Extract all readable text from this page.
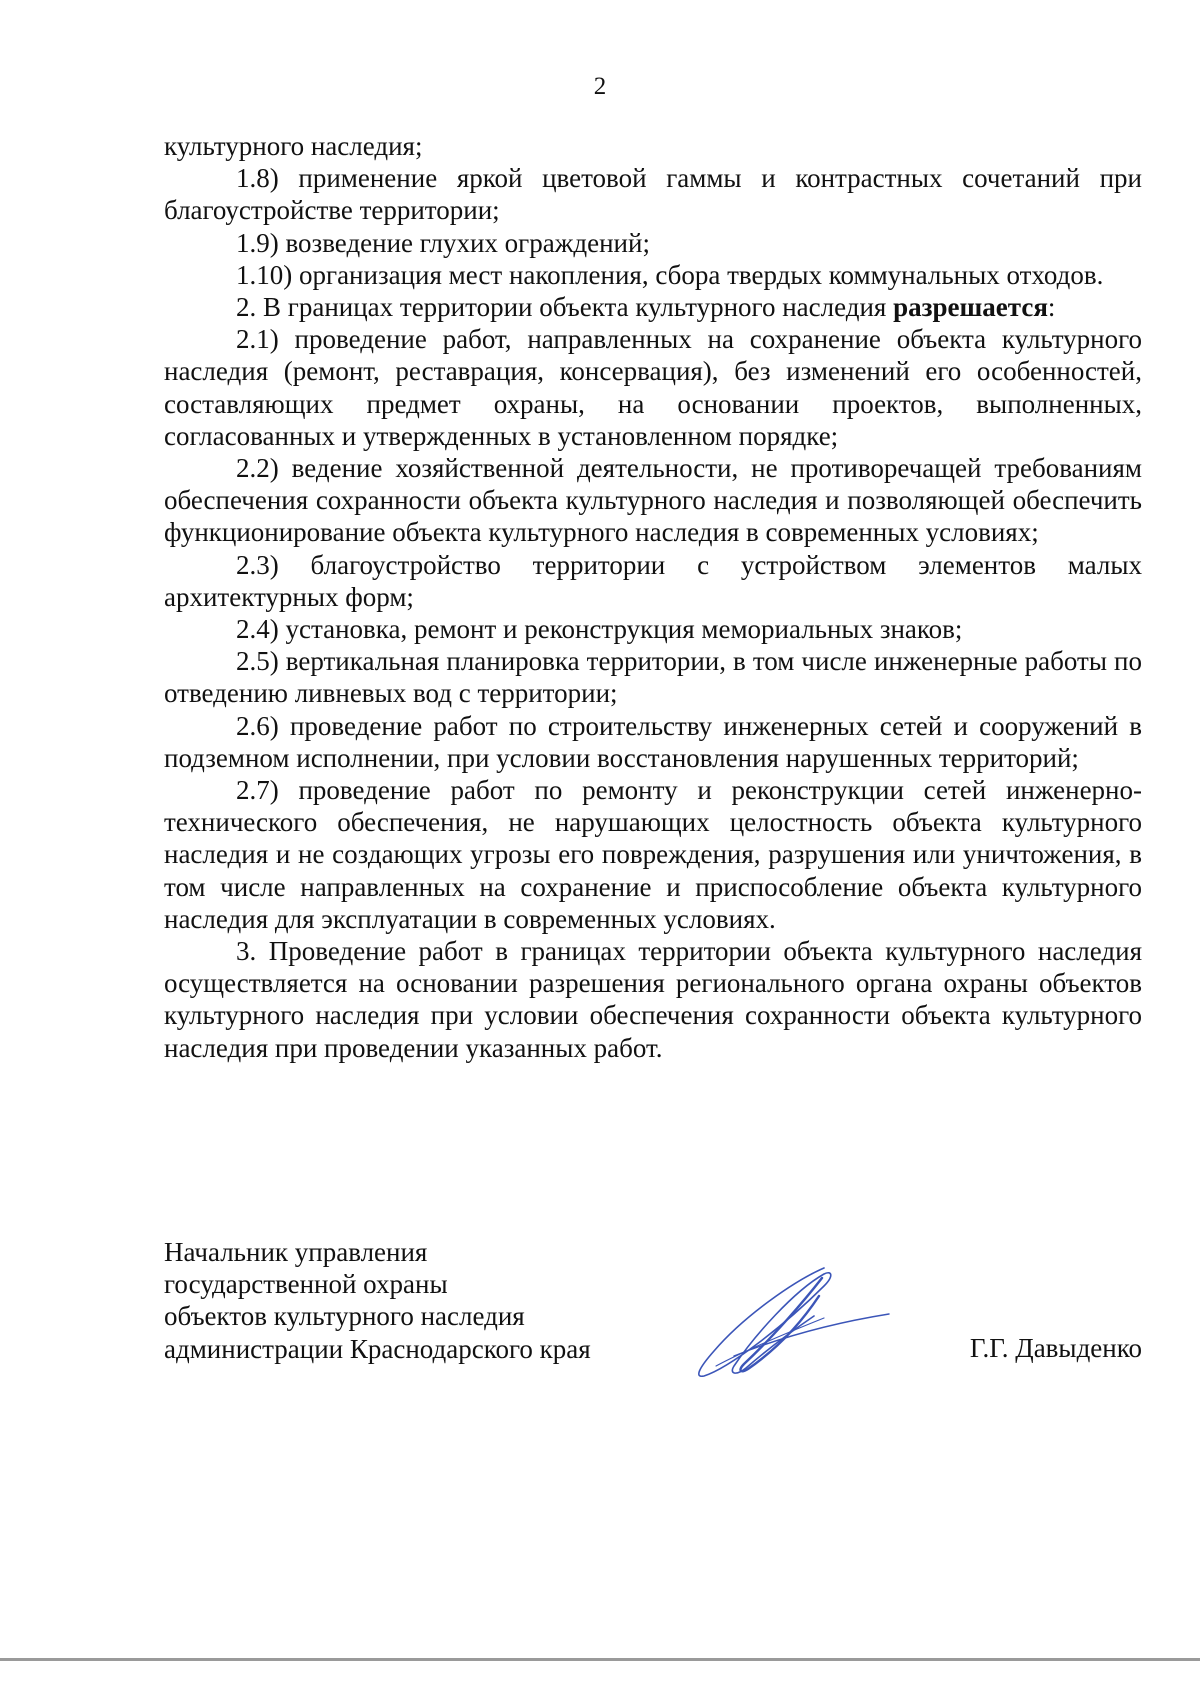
2

культурного наследия;

1.8) применение яркой цветовой гаммы и контрастных сочетаний при благоустройстве территории;

1.9) возведение глухих ограждений;

1.10) организация мест накопления, сбора твердых коммунальных отходов.

2. В границах территории объекта культурного наследия разрешается:

2.1) проведение работ, направленных на сохранение объекта культурного наследия (ремонт, реставрация, консервация), без изменений его особенностей, составляющих предмет охраны, на основании проектов, выполненных, согласованных и утвержденных в установленном порядке;

2.2) ведение хозяйственной деятельности, не противоречащей требованиям обеспечения сохранности объекта культурного наследия и позволяющей обеспечить функционирование объекта культурного наследия в современных условиях;

2.3) благоустройство территории с устройством элементов малых архитектурных форм;

2.4) установка, ремонт и реконструкция мемориальных знаков;

2.5) вертикальная планировка территории, в том числе инженерные работы по отведению ливневых вод с территории;

2.6) проведение работ по строительству инженерных сетей и сооружений в подземном исполнении, при условии восстановления нарушенных территорий;

2.7) проведение работ по ремонту и реконструкции сетей инженерно-технического обеспечения, не нарушающих целостность объекта культурного наследия и не создающих угрозы его повреждения, разрушения или уничтожения, в том числе направленных на сохранение и приспособление объекта культурного наследия для эксплуатации в современных условиях.

3. Проведение работ в границах территории объекта культурного наследия осуществляется на основании разрешения регионального органа охраны объектов культурного наследия при условии обеспечения сохранности объекта культурного наследия при проведении указанных работ.

Начальник управления
государственной охраны
объектов культурного наследия
администрации Краснодарского края	Г.Г. Давыденко
